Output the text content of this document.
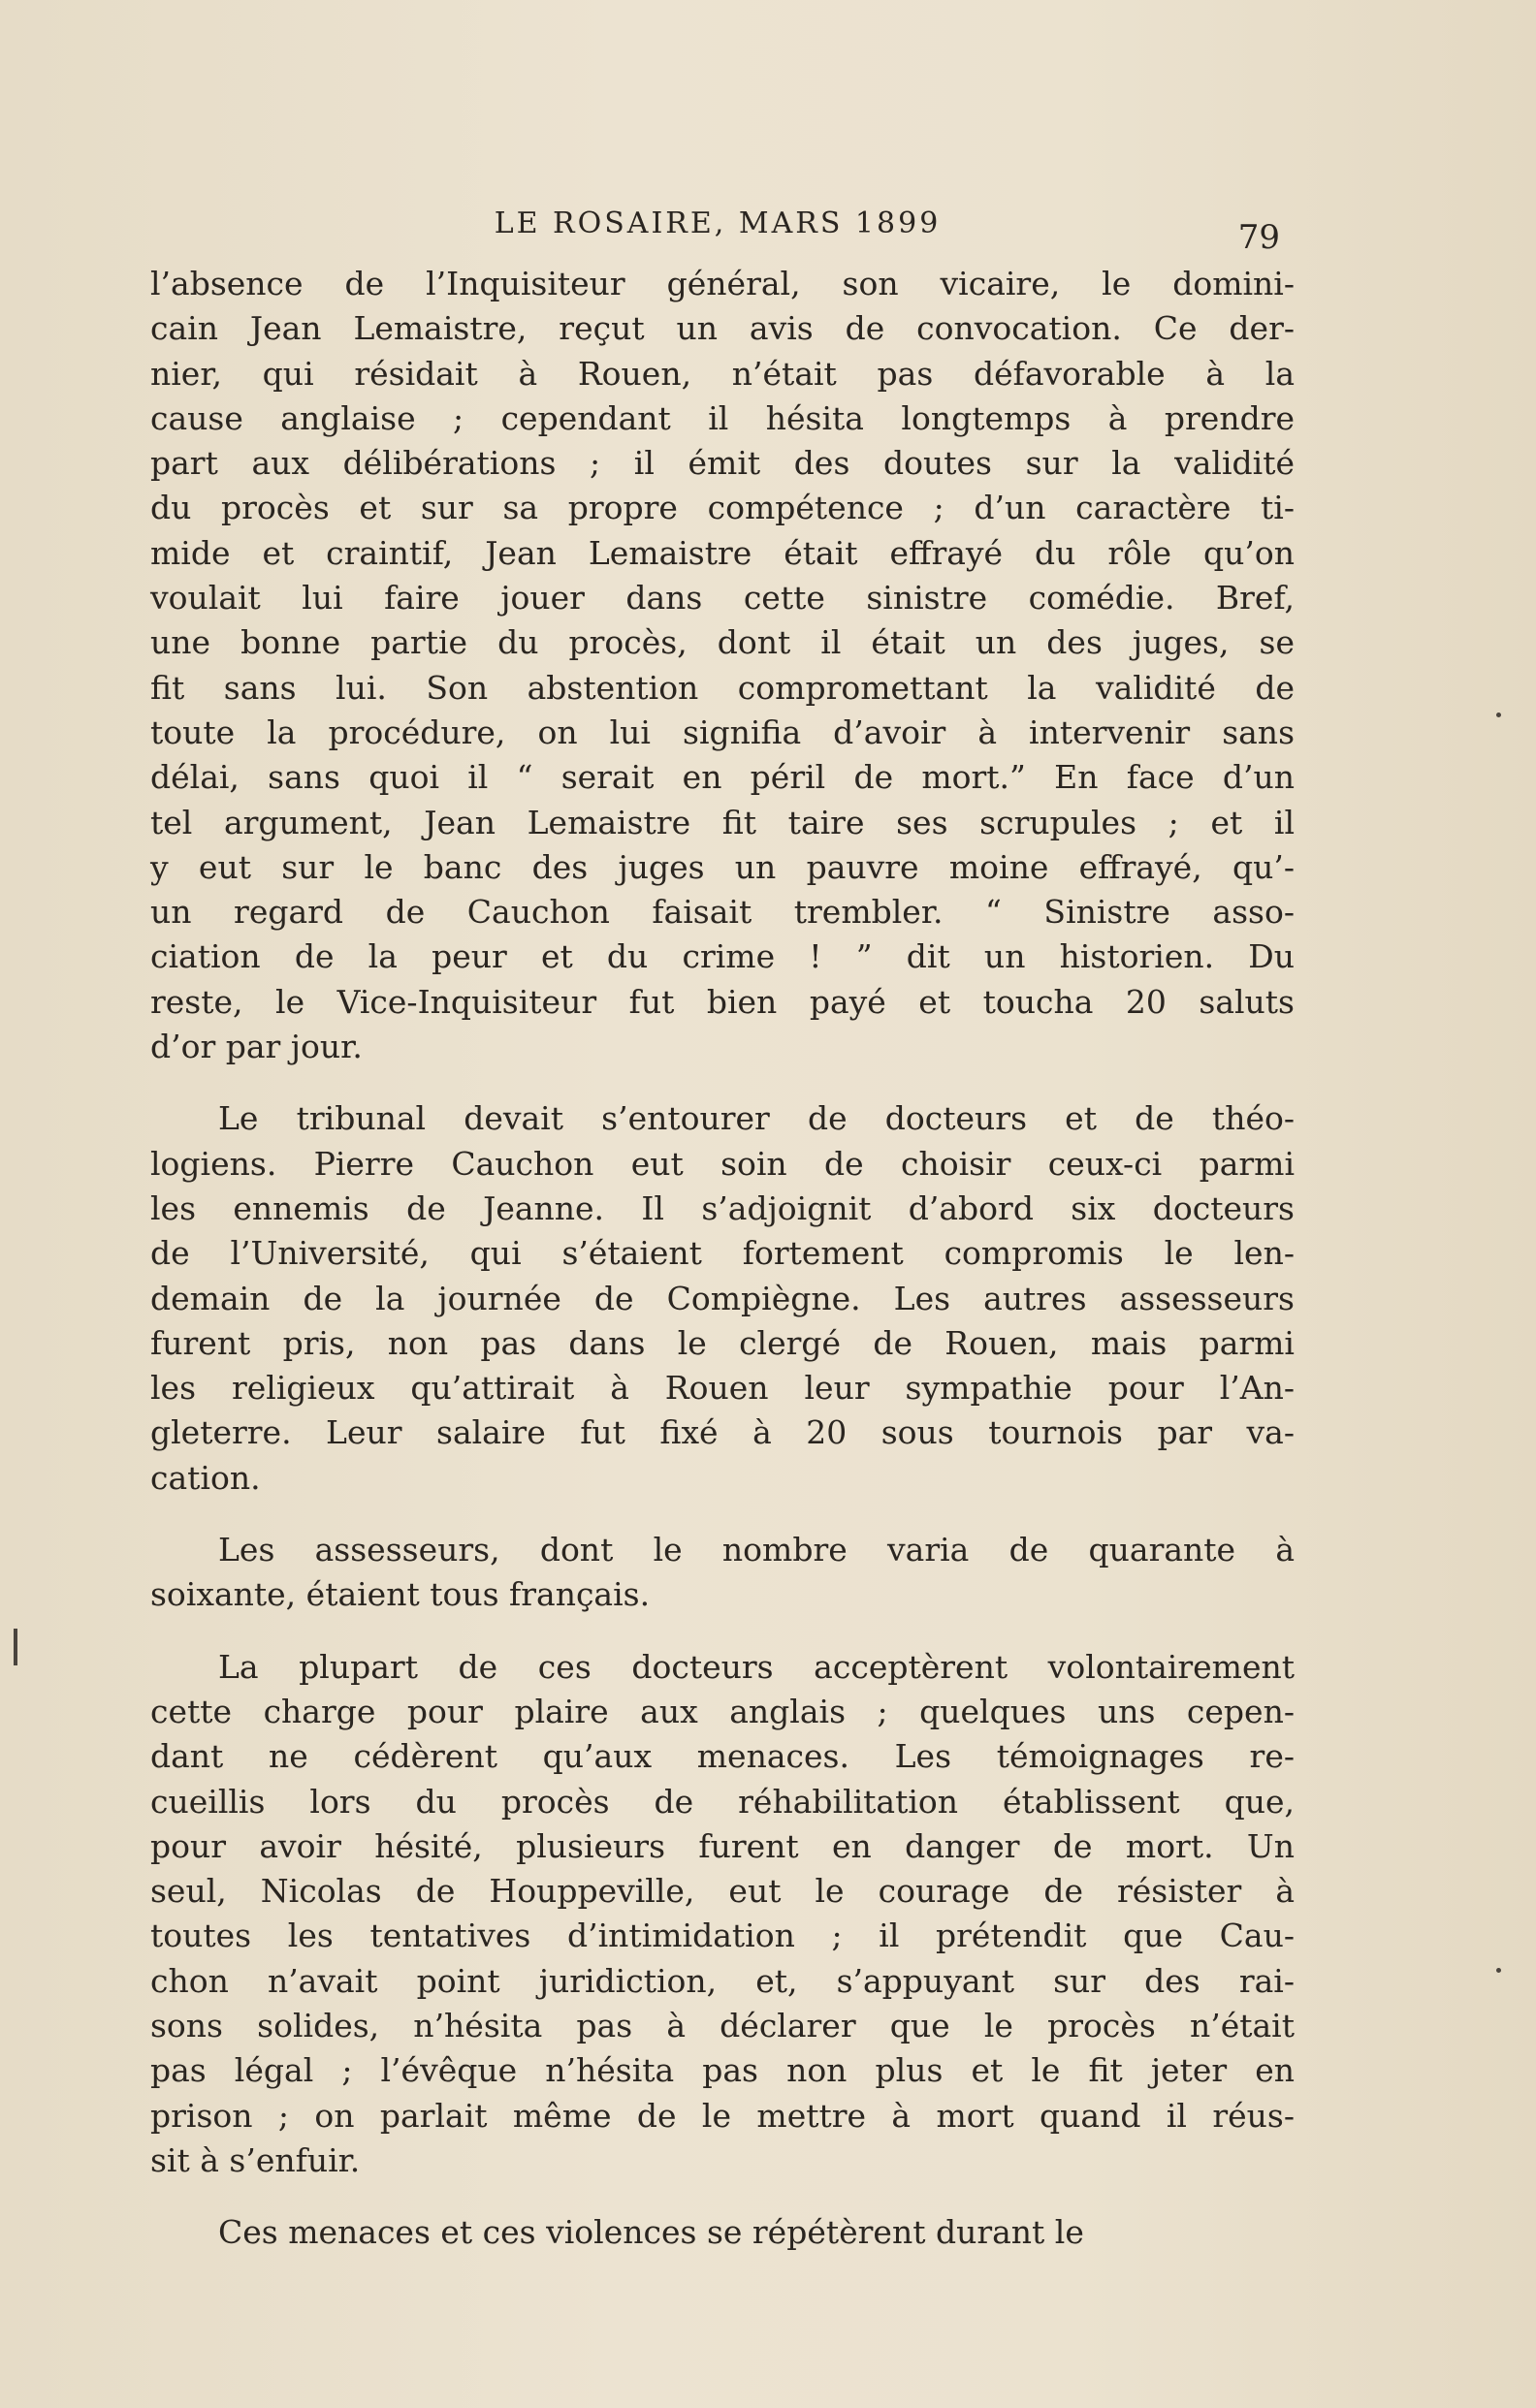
LE ROSAIRE, MARS 1899	79

l’absence de l’Inquisiteur général, son vicaire, le domini-
cain Jean Lemaistre, reçut un avis de convocation. Ce der-
nier, qui résidait à Rouen, n’était pas défavorable à la
cause anglaise ; cependant il hésita longtemps à prendre
part aux délibérations ; il émit des doutes sur la validité
du procès et sur sa propre compétence ; d’un caractère ti-
mide et craintif, Jean Lemaistre était effrayé du rôle qu’on
voulait lui faire jouer dans cette sinistre comédie. Bref,
une bonne partie du procès, dont il était un des juges, se
fit sans lui. Son abstention compromettant la validité de
toute la procédure, on lui signifia d’avoir à intervenir sans
délai, sans quoi il “ serait en péril de mort.” En face d’un
tel argument, Jean Lemaistre fit taire ses scrupules ; et il
y eut sur le banc des juges un pauvre moine effrayé, qu’-
un regard de Cauchon faisait trembler. “ Sinistre asso-
ciation de la peur et du crime ! ” dit un historien. Du
reste, le Vice-Inquisiteur fut bien payé et toucha 20 saluts
d’or par jour.

Le tribunal devait s’entourer de docteurs et de théo-
logiens. Pierre Cauchon eut soin de choisir ceux-ci parmi
les ennemis de Jeanne. Il s’adjoignit d’abord six docteurs
de l’Université, qui s’étaient fortement compromis le len-
demain de la journée de Compiègne. Les autres assesseurs
furent pris, non pas dans le clergé de Rouen, mais parmi
les religieux qu’attirait à Rouen leur sympathie pour l’An-
gleterre. Leur salaire fut fixé à 20 sous tournois par va-
cation.

Les assesseurs, dont le nombre varia de quarante à
soixante, étaient tous français.

La plupart de ces docteurs acceptèrent volontairement
cette charge pour plaire aux anglais ; quelques uns cepen-
dant ne cédèrent qu’aux menaces. Les témoignages re-
cueillis lors du procès de réhabilitation établissent que,
pour avoir hésité, plusieurs furent en danger de mort. Un
seul, Nicolas de Houppeville, eut le courage de résister à
toutes les tentatives d’intimidation ; il prétendit que Cau-
chon n’avait point juridiction, et, s’appuyant sur des rai-
sons solides, n’hésita pas à déclarer que le procès n’était
pas légal ; l’évêque n’hésita pas non plus et le fit jeter en
prison ; on parlait même de le mettre à mort quand il réus-
sit à s’enfuir.

Ces menaces et ces violences se répétèrent durant le
